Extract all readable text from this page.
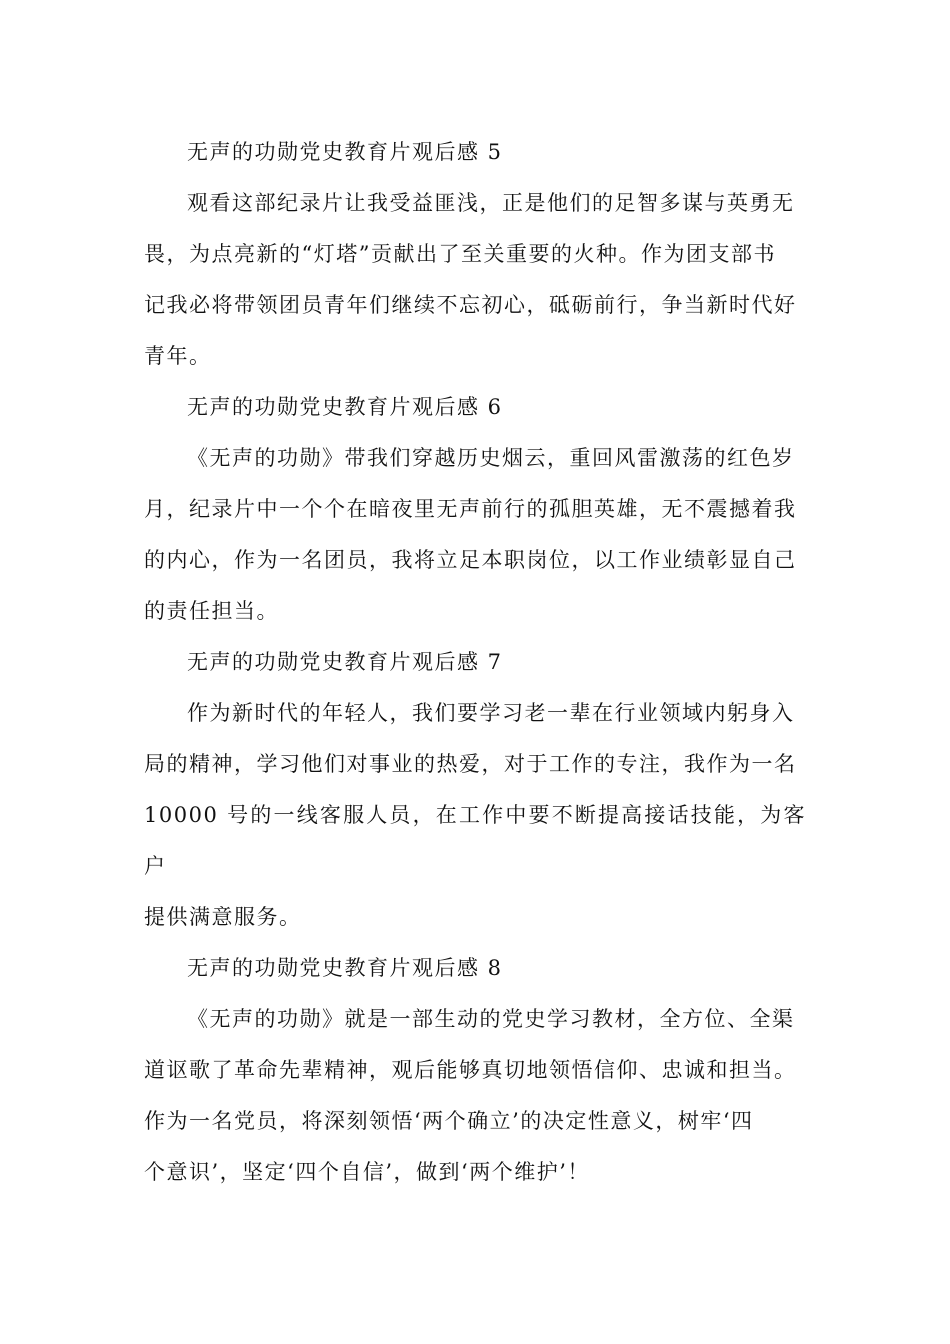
无声的功勋党史教育片观后感 5

观看这部纪录片让我受益匪浅，正是他们的足智多谋与英勇无
畏，为点亮新的“灯塔”贡献出了至关重要的火种。作为团支部书
记我必将带领团员青年们继续不忘初心，砥砺前行，争当新时代好
青年。

无声的功勋党史教育片观后感 6

《无声的功勋》带我们穿越历史烟云，重回风雷激荡的红色岁
月，纪录片中一个个在暗夜里无声前行的孤胆英雄，无不震撼着我
的内心，作为一名团员，我将立足本职岗位，以工作业绩彰显自己
的责任担当。

无声的功勋党史教育片观后感 7

作为新时代的年轻人，我们要学习老一辈在行业领域内躬身入
局的精神，学习他们对事业的热爱，对于工作的专注，我作为一名
10000 号的一线客服人员，在工作中要不断提高接话技能，为客户
提供满意服务。

无声的功勋党史教育片观后感 8

《无声的功勋》就是一部生动的党史学习教材，全方位、全渠
道讴歌了革命先辈精神，观后能够真切地领悟信仰、忠诚和担当。
作为一名党员，将深刻领悟‘两个确立’的决定性意义，树牢‘四
个意识’，坚定‘四个自信’，做到‘两个维护’！
